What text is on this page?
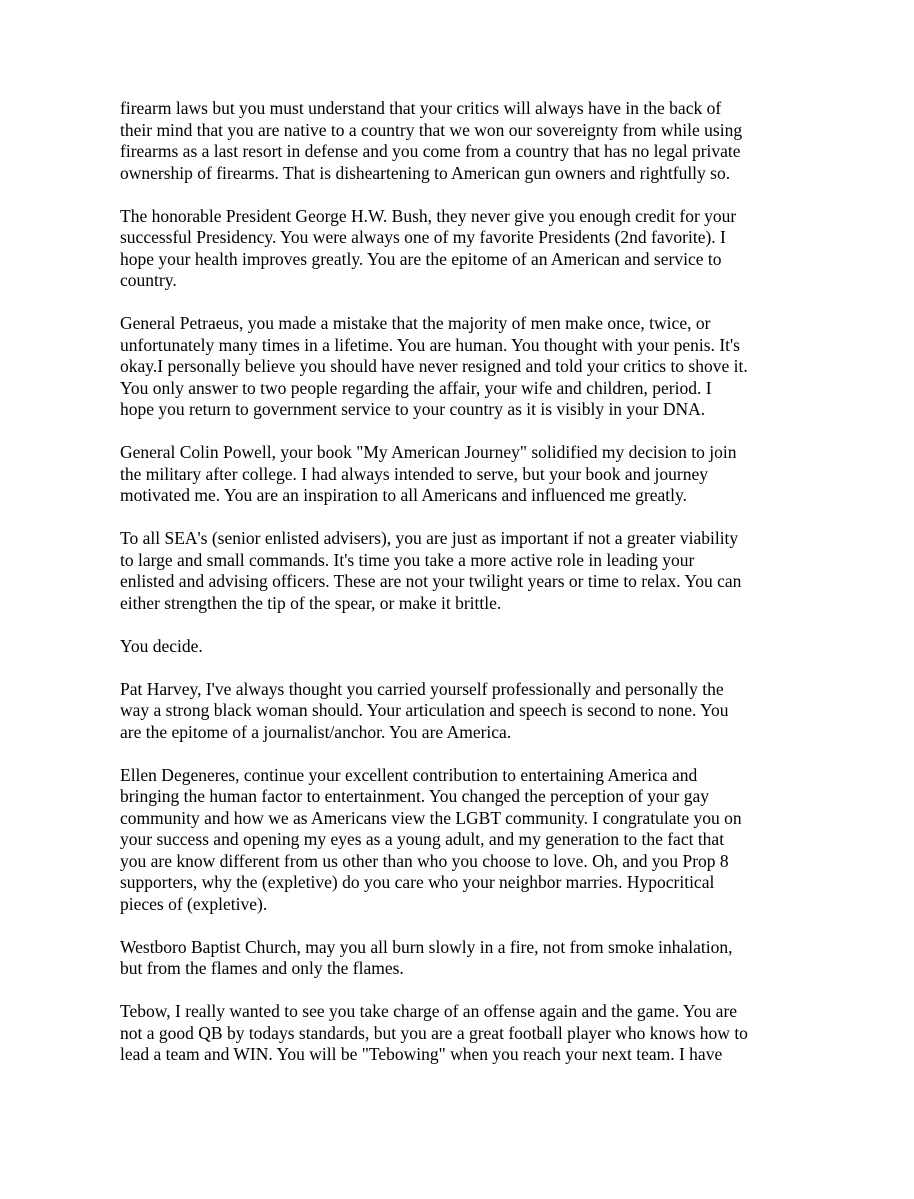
firearm laws but you must understand that your critics will always have in the back of
their mind that you are native to a country that we won our sovereignty from while using
firearms as a last resort in defense and you come from a country that has no legal private
ownership of firearms. That is disheartening to American gun owners and rightfully so.

The honorable President George H.W. Bush, they never give you enough credit for your
successful Presidency. You were always one of my favorite Presidents (2nd favorite). I
hope your health improves greatly. You are the epitome of an American and service to
country.

General Petraeus, you made a mistake that the majority of men make once, twice, or
unfortunately many times in a lifetime. You are human. You thought with your penis. It's
okay.I personally believe you should have never resigned and told your critics to shove it.
You only answer to two people regarding the affair, your wife and children, period. I
hope you return to government service to your country as it is visibly in your DNA.

General Colin Powell, your book "My American Journey" solidified my decision to join
the military after college. I had always intended to serve, but your book and journey
motivated me. You are an inspiration to all Americans and influenced me greatly.

To all SEA's (senior enlisted advisers), you are just as important if not a greater viability
to large and small commands. It's time you take a more active role in leading your
enlisted and advising officers. These are not your twilight years or time to relax. You can
either strengthen the tip of the spear, or make it brittle.

You decide.

Pat Harvey, I've always thought you carried yourself professionally and personally the
way a strong black woman should. Your articulation and speech is second to none. You
are the epitome of a journalist/anchor. You are America.

Ellen Degeneres, continue your excellent contribution to entertaining America and
bringing the human factor to entertainment. You changed the perception of your gay
community and how we as Americans view the LGBT community. I congratulate you on
your success and opening my eyes as a young adult, and my generation to the fact that
you are know different from us other than who you choose to love. Oh, and you Prop 8
supporters, why the (expletive) do you care who your neighbor marries. Hypocritical
pieces of (expletive).

Westboro Baptist Church, may you all burn slowly in a fire, not from smoke inhalation,
but from the flames and only the flames.

Tebow, I really wanted to see you take charge of an offense again and the game. You are
not a good QB by todays standards, but you are a great football player who knows how to
lead a team and WIN. You will be "Tebowing" when you reach your next team. I have
